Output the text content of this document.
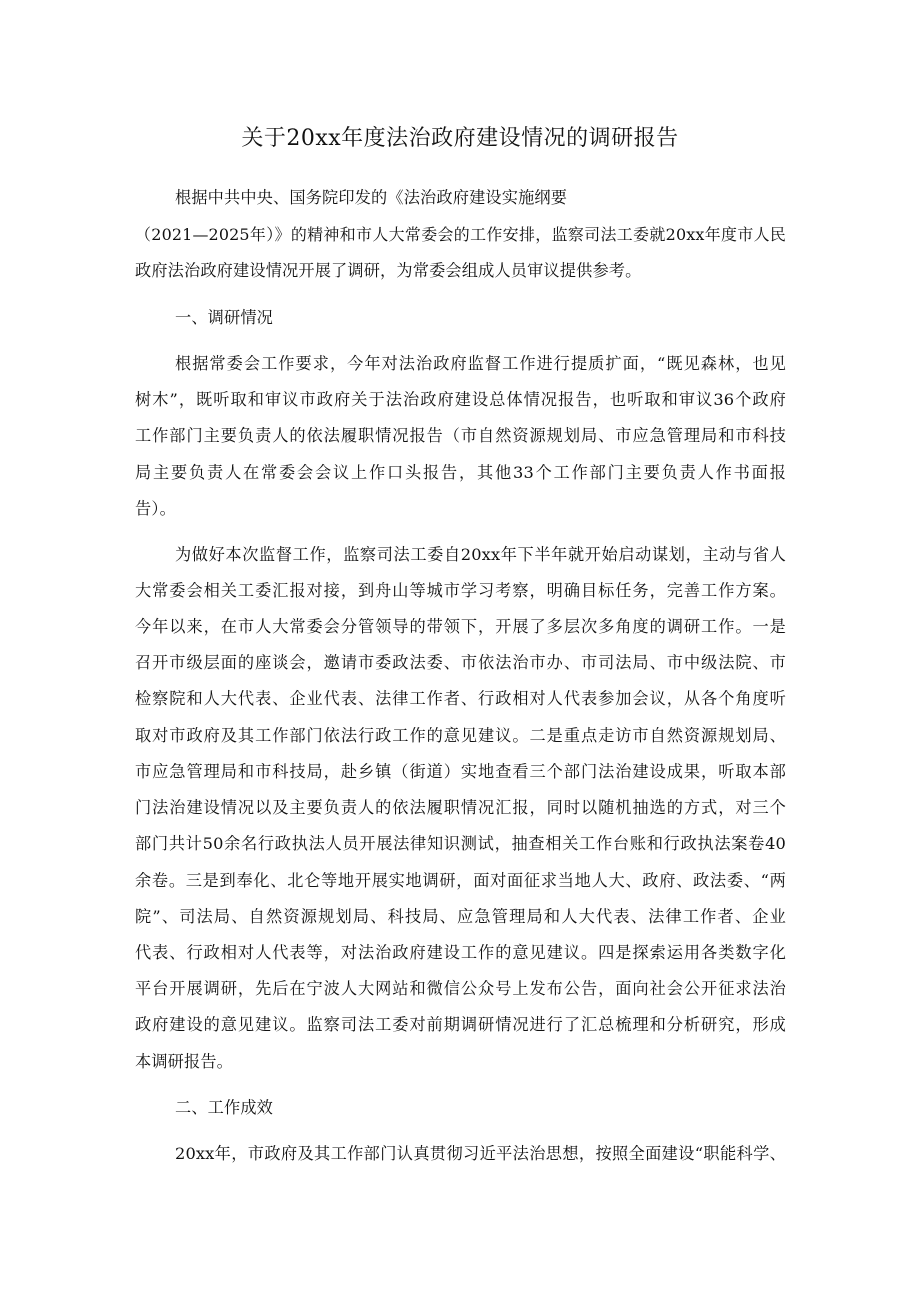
关于20xx年度法治政府建设情况的调研报告
根据中共中央、国务院印发的《法治政府建设实施纲要
（2021—2025年）》的精神和市人大常委会的工作安排，监察司法工委就20xx年度市人民
政府法治政府建设情况开展了调研，为常委会组成人员审议提供参考。
一、调研情况
根据常委会工作要求，今年对法治政府监督工作进行提质扩面，“既见森林，也见
树木”，既听取和审议市政府关于法治政府建设总体情况报告，也听取和审议36个政府
工作部门主要负责人的依法履职情况报告（市自然资源规划局、市应急管理局和市科技
局主要负责人在常委会会议上作口头报告，其他33个工作部门主要负责人作书面报
告）。
为做好本次监督工作，监察司法工委自20xx年下半年就开始启动谋划，主动与省人
大常委会相关工委汇报对接，到舟山等城市学习考察，明确目标任务，完善工作方案。
今年以来，在市人大常委会分管领导的带领下，开展了多层次多角度的调研工作。一是
召开市级层面的座谈会，邀请市委政法委、市依法治市办、市司法局、市中级法院、市
检察院和人大代表、企业代表、法律工作者、行政相对人代表参加会议，从各个角度听
取对市政府及其工作部门依法行政工作的意见建议。二是重点走访市自然资源规划局、
市应急管理局和市科技局，赴乡镇（街道）实地查看三个部门法治建设成果，听取本部
门法治建设情况以及主要负责人的依法履职情况汇报，同时以随机抽选的方式，对三个
部门共计50余名行政执法人员开展法律知识测试，抽查相关工作台账和行政执法案卷40
余卷。三是到奉化、北仑等地开展实地调研，面对面征求当地人大、政府、政法委、“两
院”、司法局、自然资源规划局、科技局、应急管理局和人大代表、法律工作者、企业
代表、行政相对人代表等，对法治政府建设工作的意见建议。四是探索运用各类数字化
平台开展调研，先后在宁波人大网站和微信公众号上发布公告，面向社会公开征求法治
政府建设的意见建议。监察司法工委对前期调研情况进行了汇总梳理和分析研究，形成
本调研报告。
二、工作成效
20xx年，市政府及其工作部门认真贯彻习近平法治思想，按照全面建设“职能科学、
